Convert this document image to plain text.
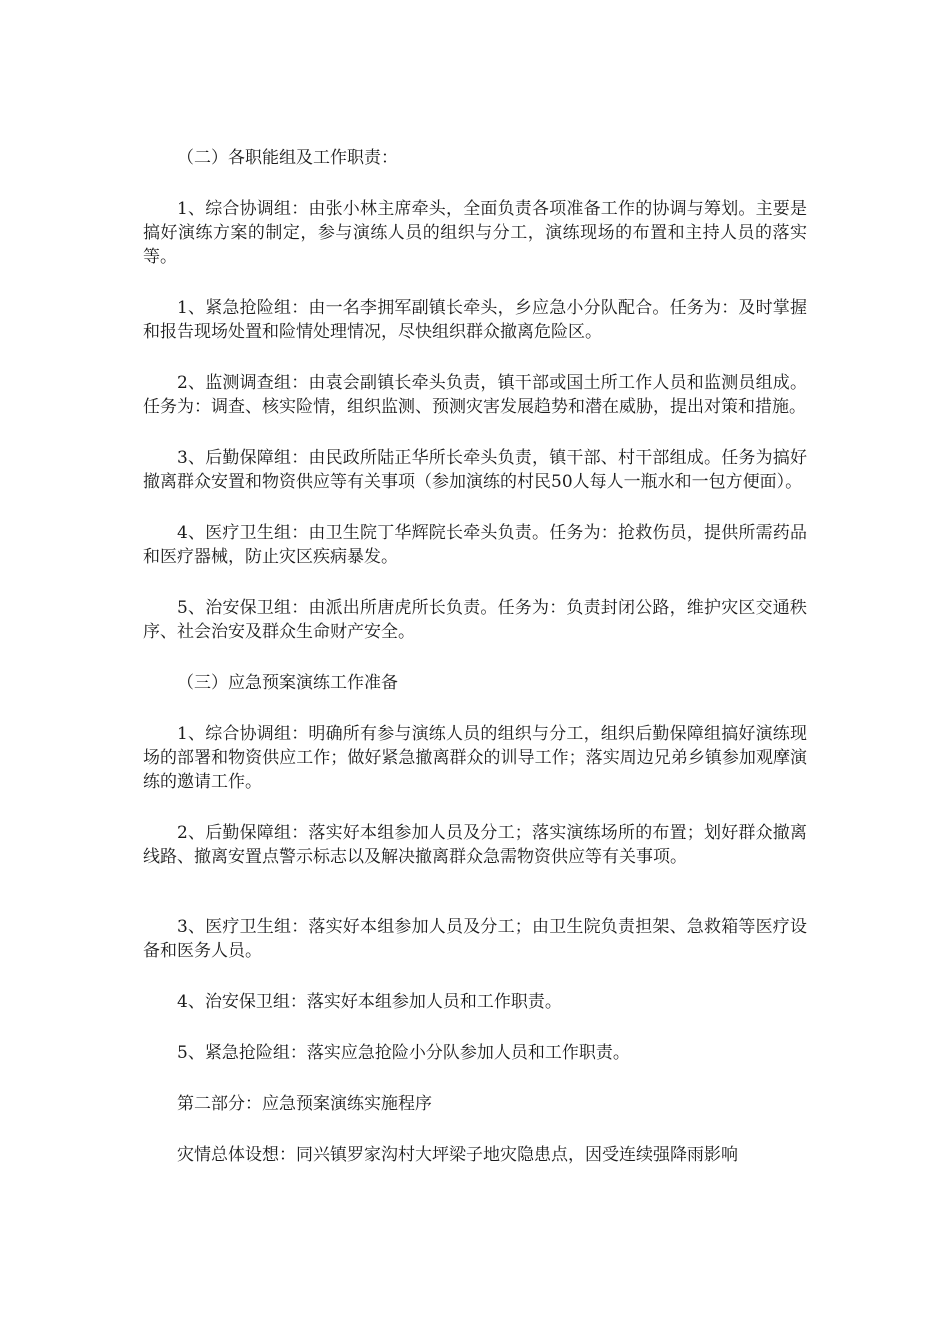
（二）各职能组及工作职责：

1、综合协调组：由张小林主席牵头，全面负责各项准备工作的协调与筹划。主要是搞好演练方案的制定，参与演练人员的组织与分工，演练现场的布置和主持人员的落实等。

1、紧急抢险组：由一名李拥军副镇长牵头，乡应急小分队配合。任务为：及时掌握和报告现场处置和险情处理情况，尽快组织群众撤离危险区。

2、监测调查组：由袁会副镇长牵头负责，镇干部或国土所工作人员和监测员组成。任务为：调查、核实险情，组织监测、预测灾害发展趋势和潜在威胁，提出对策和措施。

3、后勤保障组：由民政所陆正华所长牵头负责，镇干部、村干部组成。任务为搞好撤离群众安置和物资供应等有关事项（参加演练的村民50人每人一瓶水和一包方便面）。

4、医疗卫生组：由卫生院丁华辉院长牵头负责。任务为：抢救伤员，提供所需药品和医疗器械，防止灾区疾病暴发。

5、治安保卫组：由派出所唐虎所长负责。任务为：负责封闭公路，维护灾区交通秩序、社会治安及群众生命财产安全。

（三）应急预案演练工作准备

1、综合协调组：明确所有参与演练人员的组织与分工，组织后勤保障组搞好演练现场的部署和物资供应工作；做好紧急撤离群众的训导工作；落实周边兄弟乡镇参加观摩演练的邀请工作。

2、后勤保障组：落实好本组参加人员及分工；落实演练场所的布置；划好群众撤离线路、撤离安置点警示标志以及解决撤离群众急需物资供应等有关事项。

3、医疗卫生组：落实好本组参加人员及分工；由卫生院负责担架、急救箱等医疗设备和医务人员。

4、治安保卫组：落实好本组参加人员和工作职责。

5、紧急抢险组：落实应急抢险小分队参加人员和工作职责。

第二部分：应急预案演练实施程序

灾情总体设想：同兴镇罗家沟村大坪梁子地灾隐患点，因受连续强降雨影响
